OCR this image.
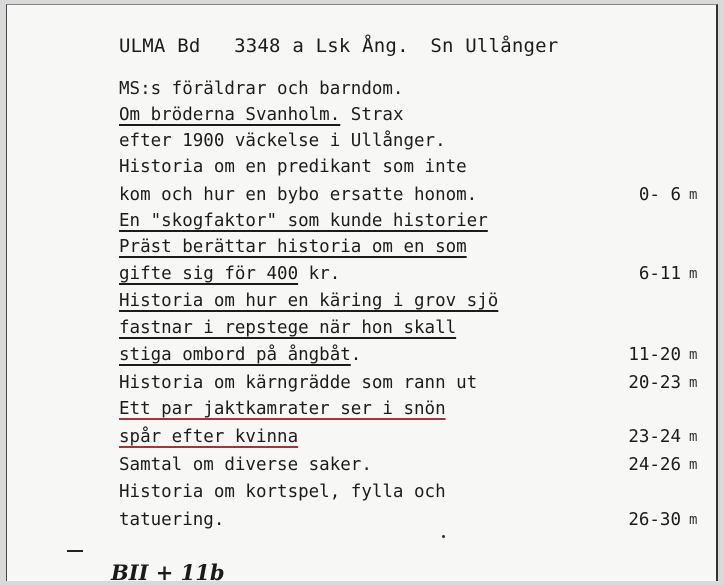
ULMA Bd 3348 a Lsk Ång. Sn Ullånger
MS:s föräldrar och barndom.
Om bröderna Svanholm. Strax
efter 1900 väckelse i Ullånger.
Historia om en predikant som inte
kom och hur en bybo ersatte honom.	0- 6 m
En "skogfaktor" som kunde historier
Präst berättar historia om en som
gifte sig för 400 kr.	6-11 m
Historia om hur en käring i grov sjö
fastnar i repstege när hon skall
stiga ombord på ångbåt.	11-20 m
Historia om kärngrädde som rann ut	20-23 m
Ett par jaktkamrater ser i snön
spår efter kvinna	23-24 m
Samtal om diverse saker.	24-26 m
Historia om kortspel, fylla och
tatuering.	26-30 m
BII + 11b
